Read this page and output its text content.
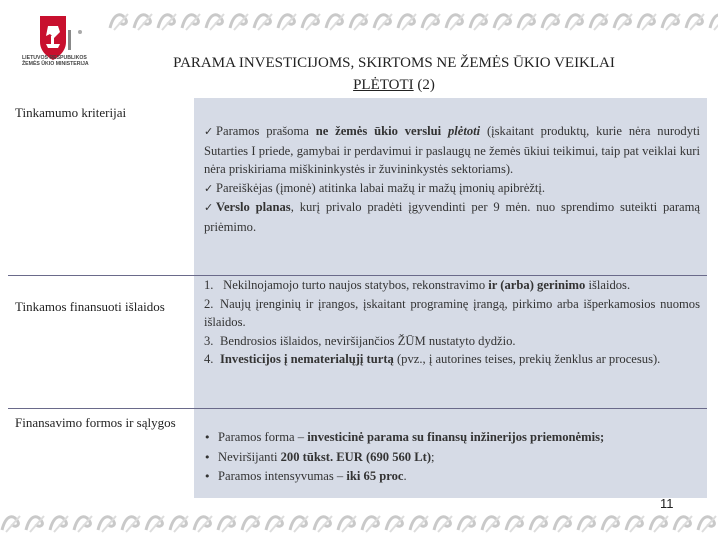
LIETUVOS RESPUBLIKOS
ŽEMĖS ŪKIO MINISTERIJA	PARAMA INVESTICIJOMS, SKIRTOMS NE ŽEMĖS ŪKIO VEIKLAI
PLĖTOTI (2)
Tinkamumo kriterijai

✓ Paramos prašoma ne žemės ūkio verslui plėtoti (įskaitant produktų, kurie nėra nurodyti Sutarties I priede, gamybai ir perdavimui ir paslaugų ne žemės ūkiui teikimui, taip pat veiklai kuri nėra priskiriama miškininkystės ir žuvininkystės sektoriams).

✓ Pareiškėjas (įmonė) atitinka labai mažų ir mažų įmonių apibrėžtį.

✓ Verslo planas, kurį privalo pradėti įgyvendinti per 9 mėn. nuo sprendimo suteikti paramą priėmimo.

Tinkamos finansuoti išlaidos

1. Nekilnojamojo turto naujos statybos, rekonstravimo ir (arba) gerinimo išlaidos.

2. Naujų įrenginių ir įrangos, įskaitant programinę įrangą, pirkimo arba išperkamosios nuomos išlaidos.

3. Bendrosios išlaidos, neviršijančios ŽŪM nustatyto dydžio.

4. Investicijos į nematerialųjį turtą (pvz., į autorines teises, prekių ženklus ar procesus).

Finansavimo formos ir sąlygos

• Paramos forma – investicinė parama su finansų inžinerijos priemonėmis;

• Neviršijanti 200 tūkst. EUR (690 560 Lt);

• Paramos intensyvumas – iki 65 proc.

11
